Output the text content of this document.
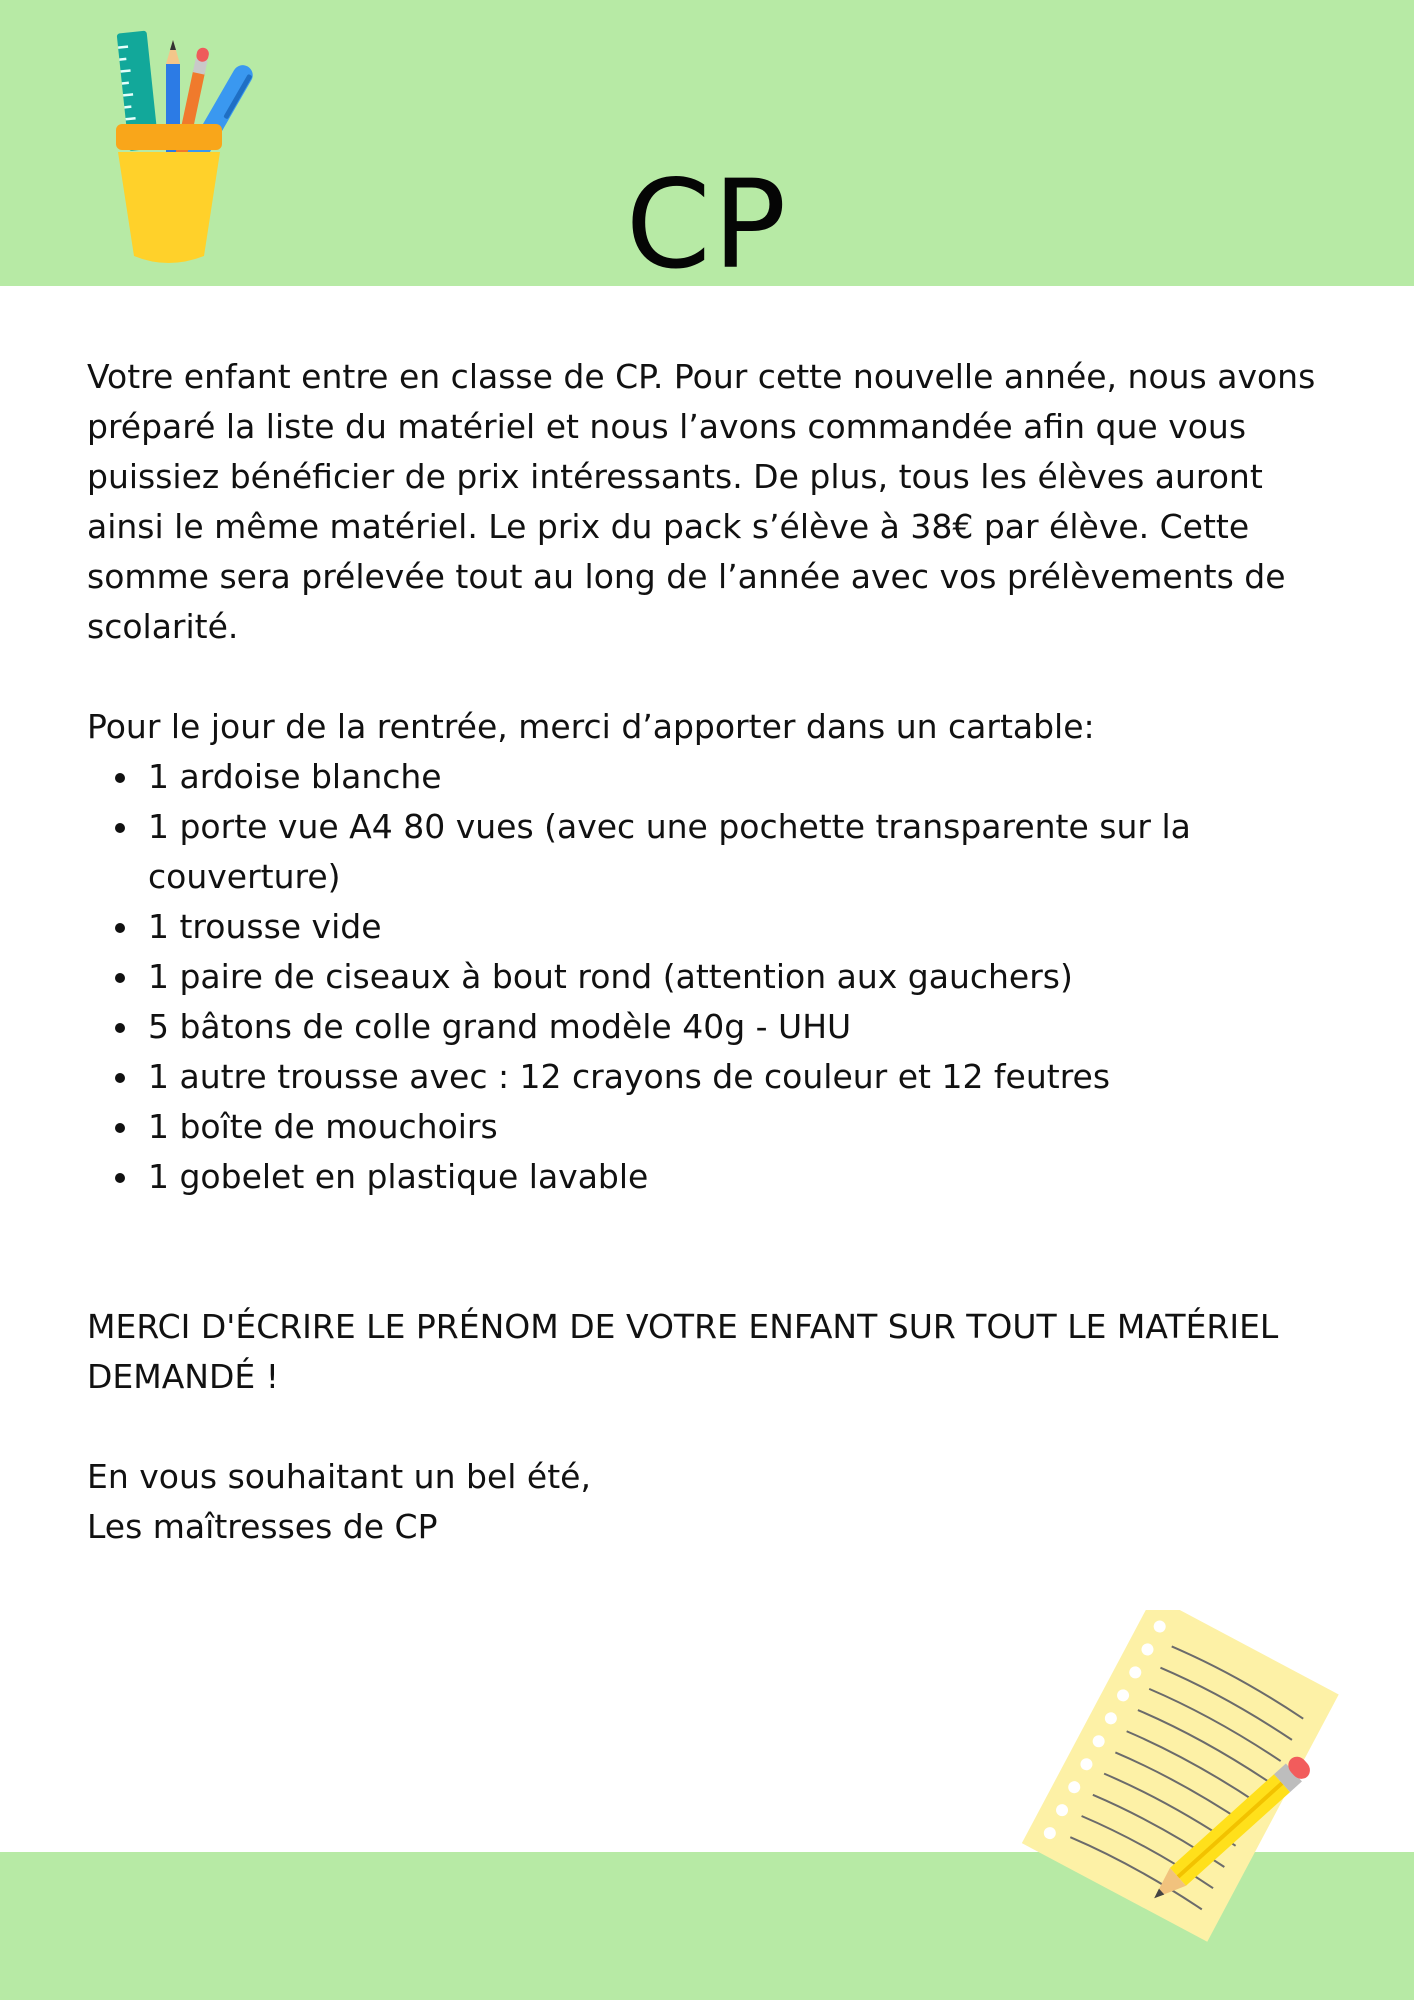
CP

Votre enfant entre en classe de CP. Pour cette nouvelle année, nous avons préparé la liste du matériel et nous l’avons commandée afin que vous puissiez bénéficier de prix intéressants. De plus, tous les élèves auront ainsi le même matériel. Le prix du pack s’élève à 38€ par élève. Cette somme sera prélevée tout au long de l’année avec vos prélèvements de scolarité.

Pour le jour de la rentrée, merci d’apporter dans un cartable:

1 ardoise blanche
1 porte vue A4 80 vues (avec une pochette transparente sur la couverture)
1 trousse vide
1 paire de ciseaux à bout rond (attention aux gauchers)
5 bâtons de colle grand modèle 40g - UHU
1 autre trousse avec : 12 crayons de couleur et 12 feutres
1 boîte de mouchoirs
1 gobelet en plastique lavable

MERCI D'ÉCRIRE LE PRÉNOM DE VOTRE ENFANT SUR TOUT LE MATÉRIEL DEMANDÉ !

En vous souhaitant un bel été,

Les maîtresses de CP
